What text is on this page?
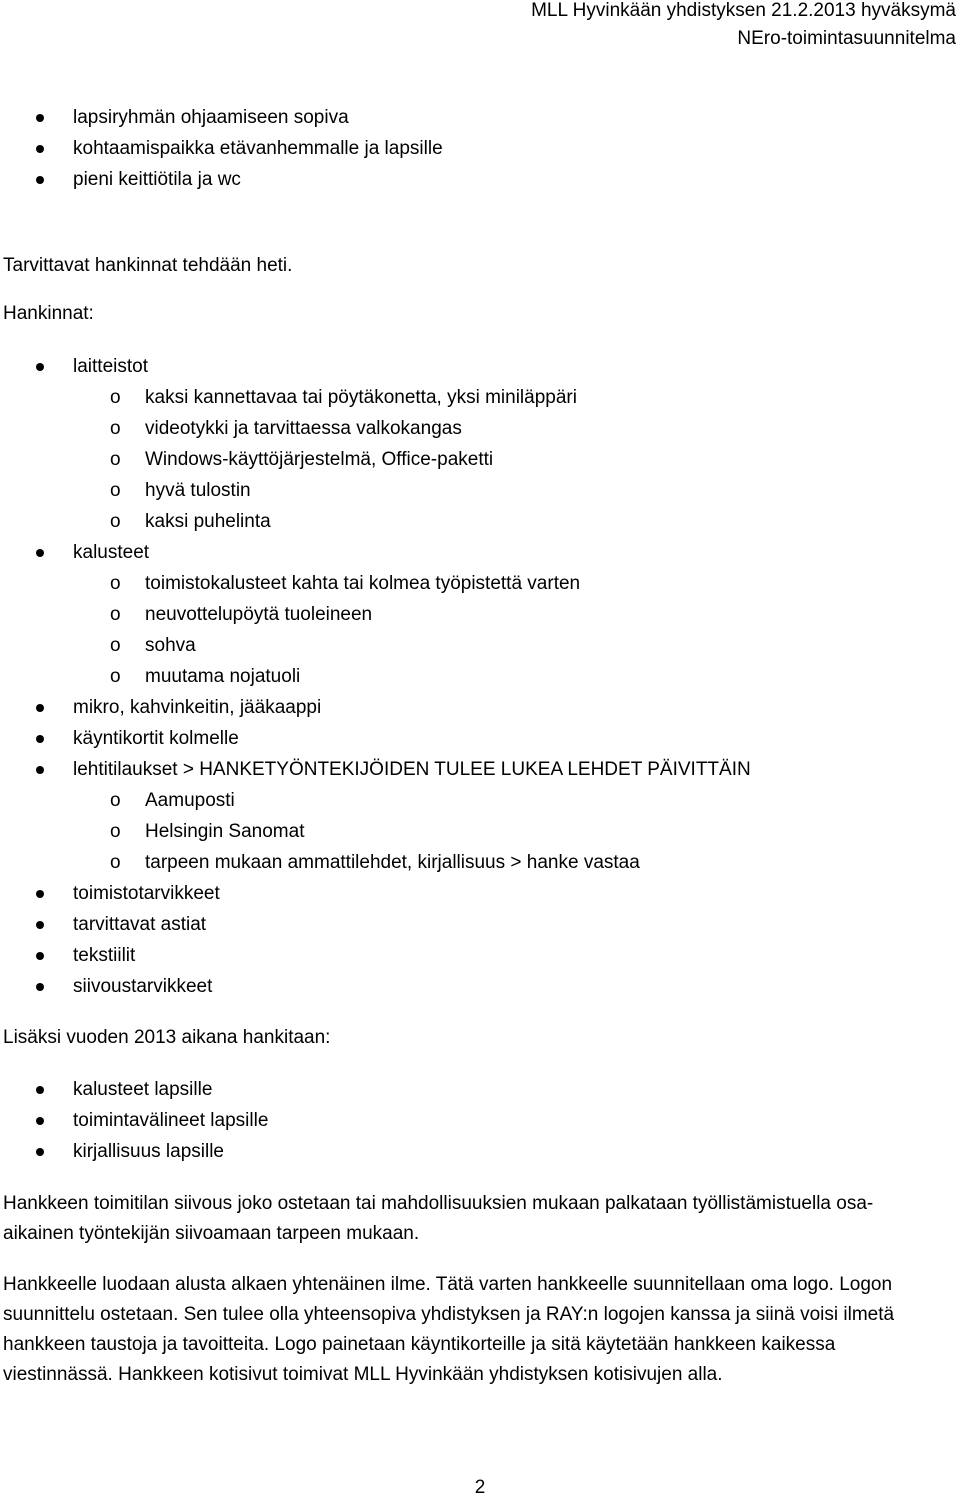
MLL Hyvinkään yhdistyksen 21.2.2013 hyväksymä
NEro-toimintasuunnitelma
lapsiryhmän ohjaamiseen sopiva
kohtaamispaikka etävanhemmalle ja lapsille
pieni keittiötila ja wc
Tarvittavat hankinnat tehdään heti.
Hankinnat:
laitteistot
o kaksi kannettavaa tai pöytäkonetta, yksi miniläppäri
o videotykki ja tarvittaessa valkokangas
o Windows-käyttöjärjestelmä, Office-paketti
o hyvä tulostin
o kaksi puhelinta
kalusteet
o toimistokalusteet kahta tai kolmea työpistettä varten
o neuvottelupöytä tuoleineen
o sohva
o muutama nojatuoli
mikro, kahvinkeitin, jääkaappi
käyntikortit kolmelle
lehtitilaukset > HANKETYÖNTEKIJÖIDEN TULEE LUKEA LEHDET PÄIVITTÄIN
o Aamuposti
o Helsingin Sanomat
o tarpeen mukaan ammattilehdet, kirjallisuus > hanke vastaa
toimistotarvikkeet
tarvittavat astiat
tekstiilit
siivoustarvikkeet
Lisäksi vuoden 2013 aikana hankitaan:
kalusteet lapsille
toimintavälineet lapsille
kirjallisuus lapsille
Hankkeen toimitilan siivous joko ostetaan tai mahdollisuuksien mukaan palkataan työllistämistuella osa-aikainen työntekijän siivoamaan tarpeen mukaan.
Hankkeelle luodaan alusta alkaen yhtenäinen ilme. Tätä varten hankkeelle suunnitellaan oma logo. Logon suunnittelu ostetaan. Sen tulee olla yhteensopiva yhdistyksen ja RAY:n logojen kanssa ja siinä voisi ilmetä hankkeen taustoja ja tavoitteita. Logo painetaan käyntikorteille ja sitä käytetään hankkeen kaikessa viestinnässä. Hankkeen kotisivut toimivat MLL Hyvinkään yhdistyksen kotisivujen alla.
2
